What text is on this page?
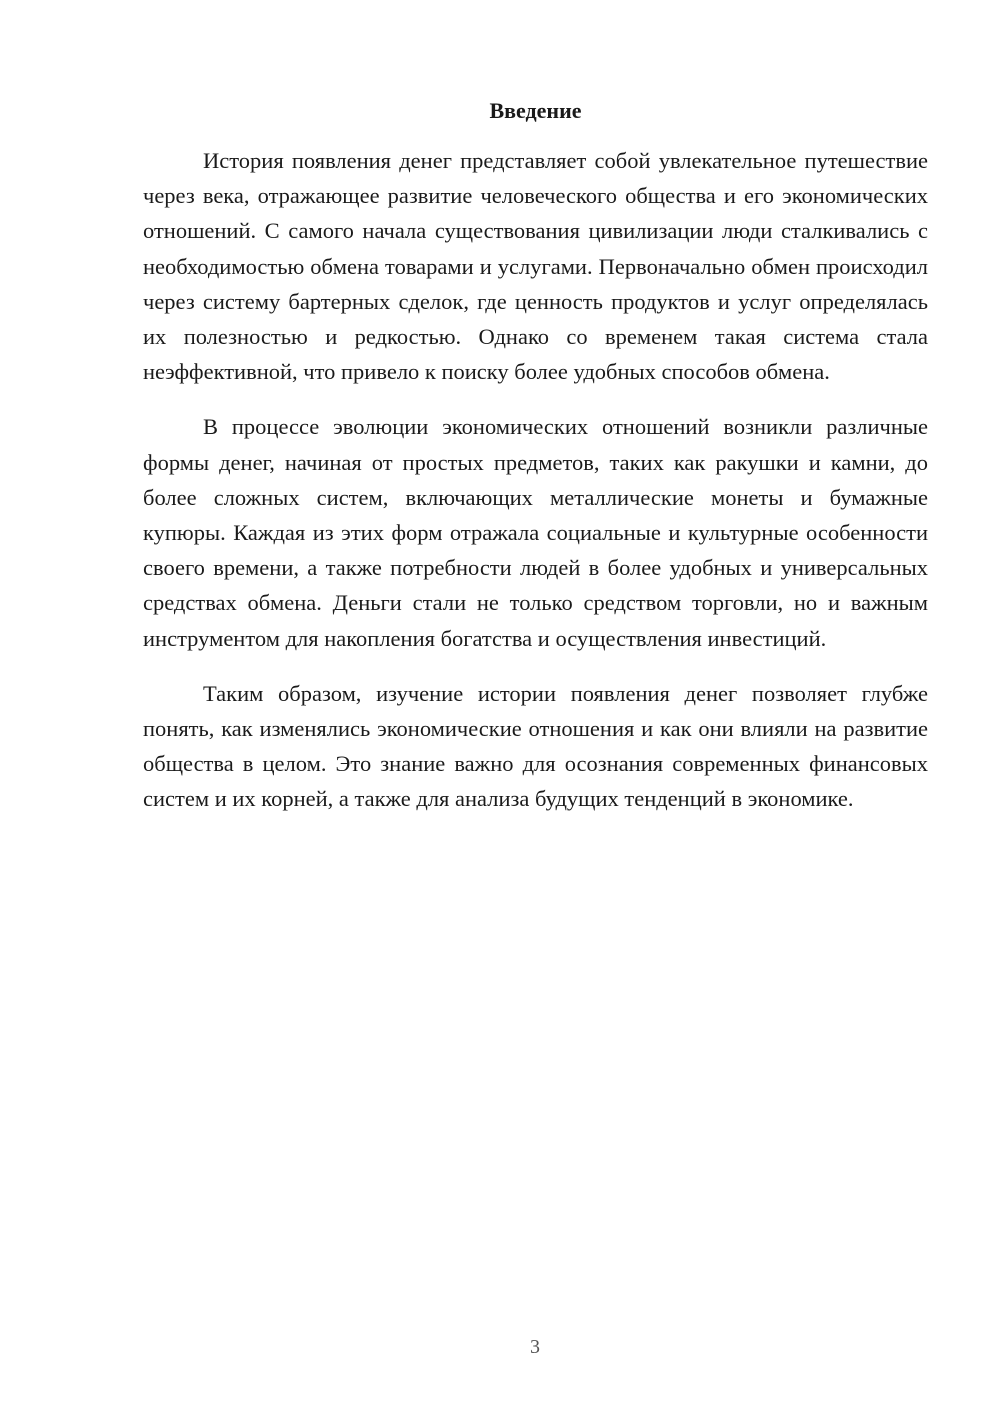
Введение

История появления денег представляет собой увлекательное путешествие через века, отражающее развитие человеческого общества и его экономических отношений. С самого начала существования цивилизации люди сталкивались с необходимостью обмена товарами и услугами. Первоначально обмен происходил через систему бартерных сделок, где ценность продуктов и услуг определялась их полезностью и редкостью. Однако со временем такая система стала неэффективной, что привело к поиску более удобных способов обмена.

В процессе эволюции экономических отношений возникли различные формы денег, начиная от простых предметов, таких как ракушки и камни, до более сложных систем, включающих металлические монеты и бумажные купюры. Каждая из этих форм отражала социальные и культурные особенности своего времени, а также потребности людей в более удобных и универсальных средствах обмена. Деньги стали не только средством торговли, но и важным инструментом для накопления богатства и осуществления инвестиций.

Таким образом, изучение истории появления денег позволяет глубже понять, как изменялись экономические отношения и как они влияли на развитие общества в целом. Это знание важно для осознания современных финансовых систем и их корней, а также для анализа будущих тенденций в экономике.

3
